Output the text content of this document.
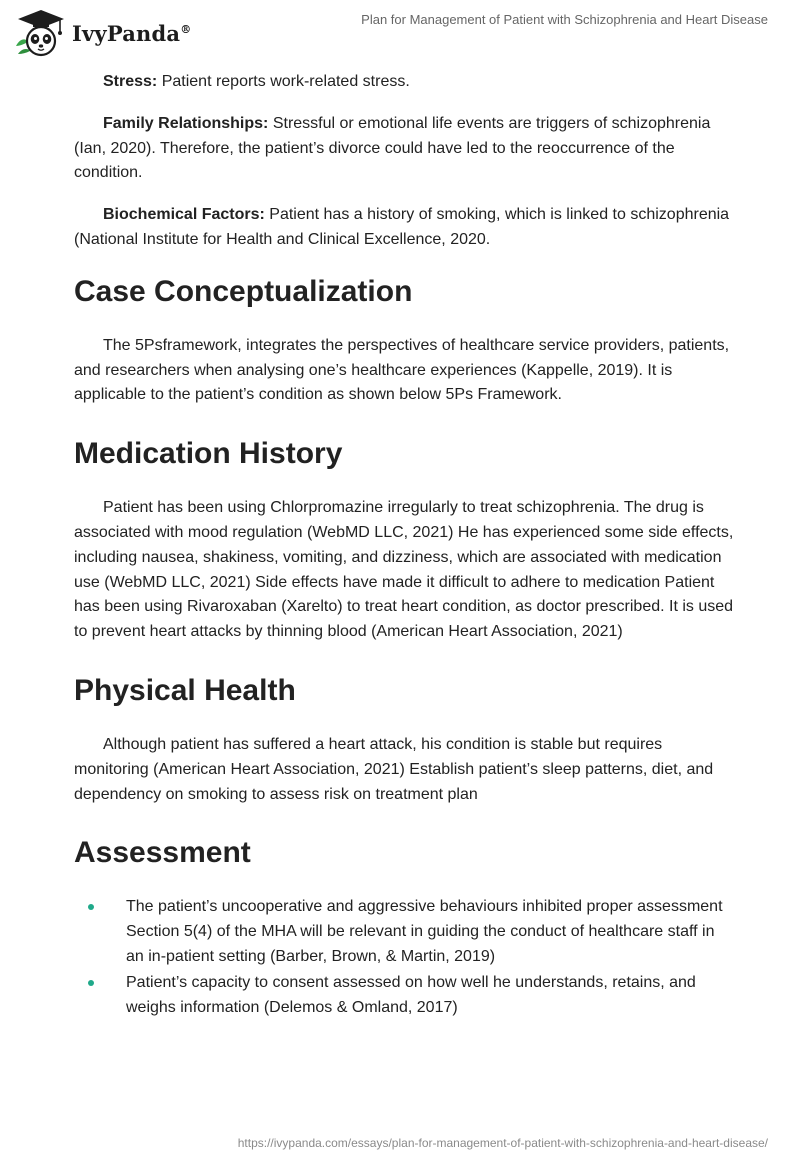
IvyPanda®
Plan for Management of Patient with Schizophrenia and Heart Disease

Stress: Patient reports work-related stress.

Family Relationships: Stressful or emotional life events are triggers of schizophrenia (Ian, 2020). Therefore, the patient’s divorce could have led to the reoccurrence of the condition.

Biochemical Factors: Patient has a history of smoking, which is linked to schizophrenia (National Institute for Health and Clinical Excellence, 2020.

Case Conceptualization

The 5Psframework, integrates the perspectives of healthcare service providers, patients, and researchers when analysing one’s healthcare experiences (Kappelle, 2019). It is applicable to the patient’s condition as shown below 5Ps Framework.

Medication History

Patient has been using Chlorpromazine irregularly to treat schizophrenia. The drug is associated with mood regulation (WebMD LLC, 2021) He has experienced some side effects, including nausea, shakiness, vomiting, and dizziness, which are associated with medication use (WebMD LLC, 2021) Side effects have made it difficult to adhere to medication Patient has been using Rivaroxaban (Xarelto) to treat heart condition, as doctor prescribed. It is used to prevent heart attacks by thinning blood (American Heart Association, 2021)

Physical Health

Although patient has suffered a heart attack, his condition is stable but requires monitoring (American Heart Association, 2021) Establish patient’s sleep patterns, diet, and dependency on smoking to assess risk on treatment plan

Assessment
The patient’s uncooperative and aggressive behaviours inhibited proper assessment Section 5(4) of the MHA will be relevant in guiding the conduct of healthcare staff in an in-patient setting (Barber, Brown, & Martin, 2019)
Patient’s capacity to consent assessed on how well he understands, retains, and weighs information (Delemos & Omland, 2017)
https://ivypanda.com/essays/plan-for-management-of-patient-with-schizophrenia-and-heart-disease/
